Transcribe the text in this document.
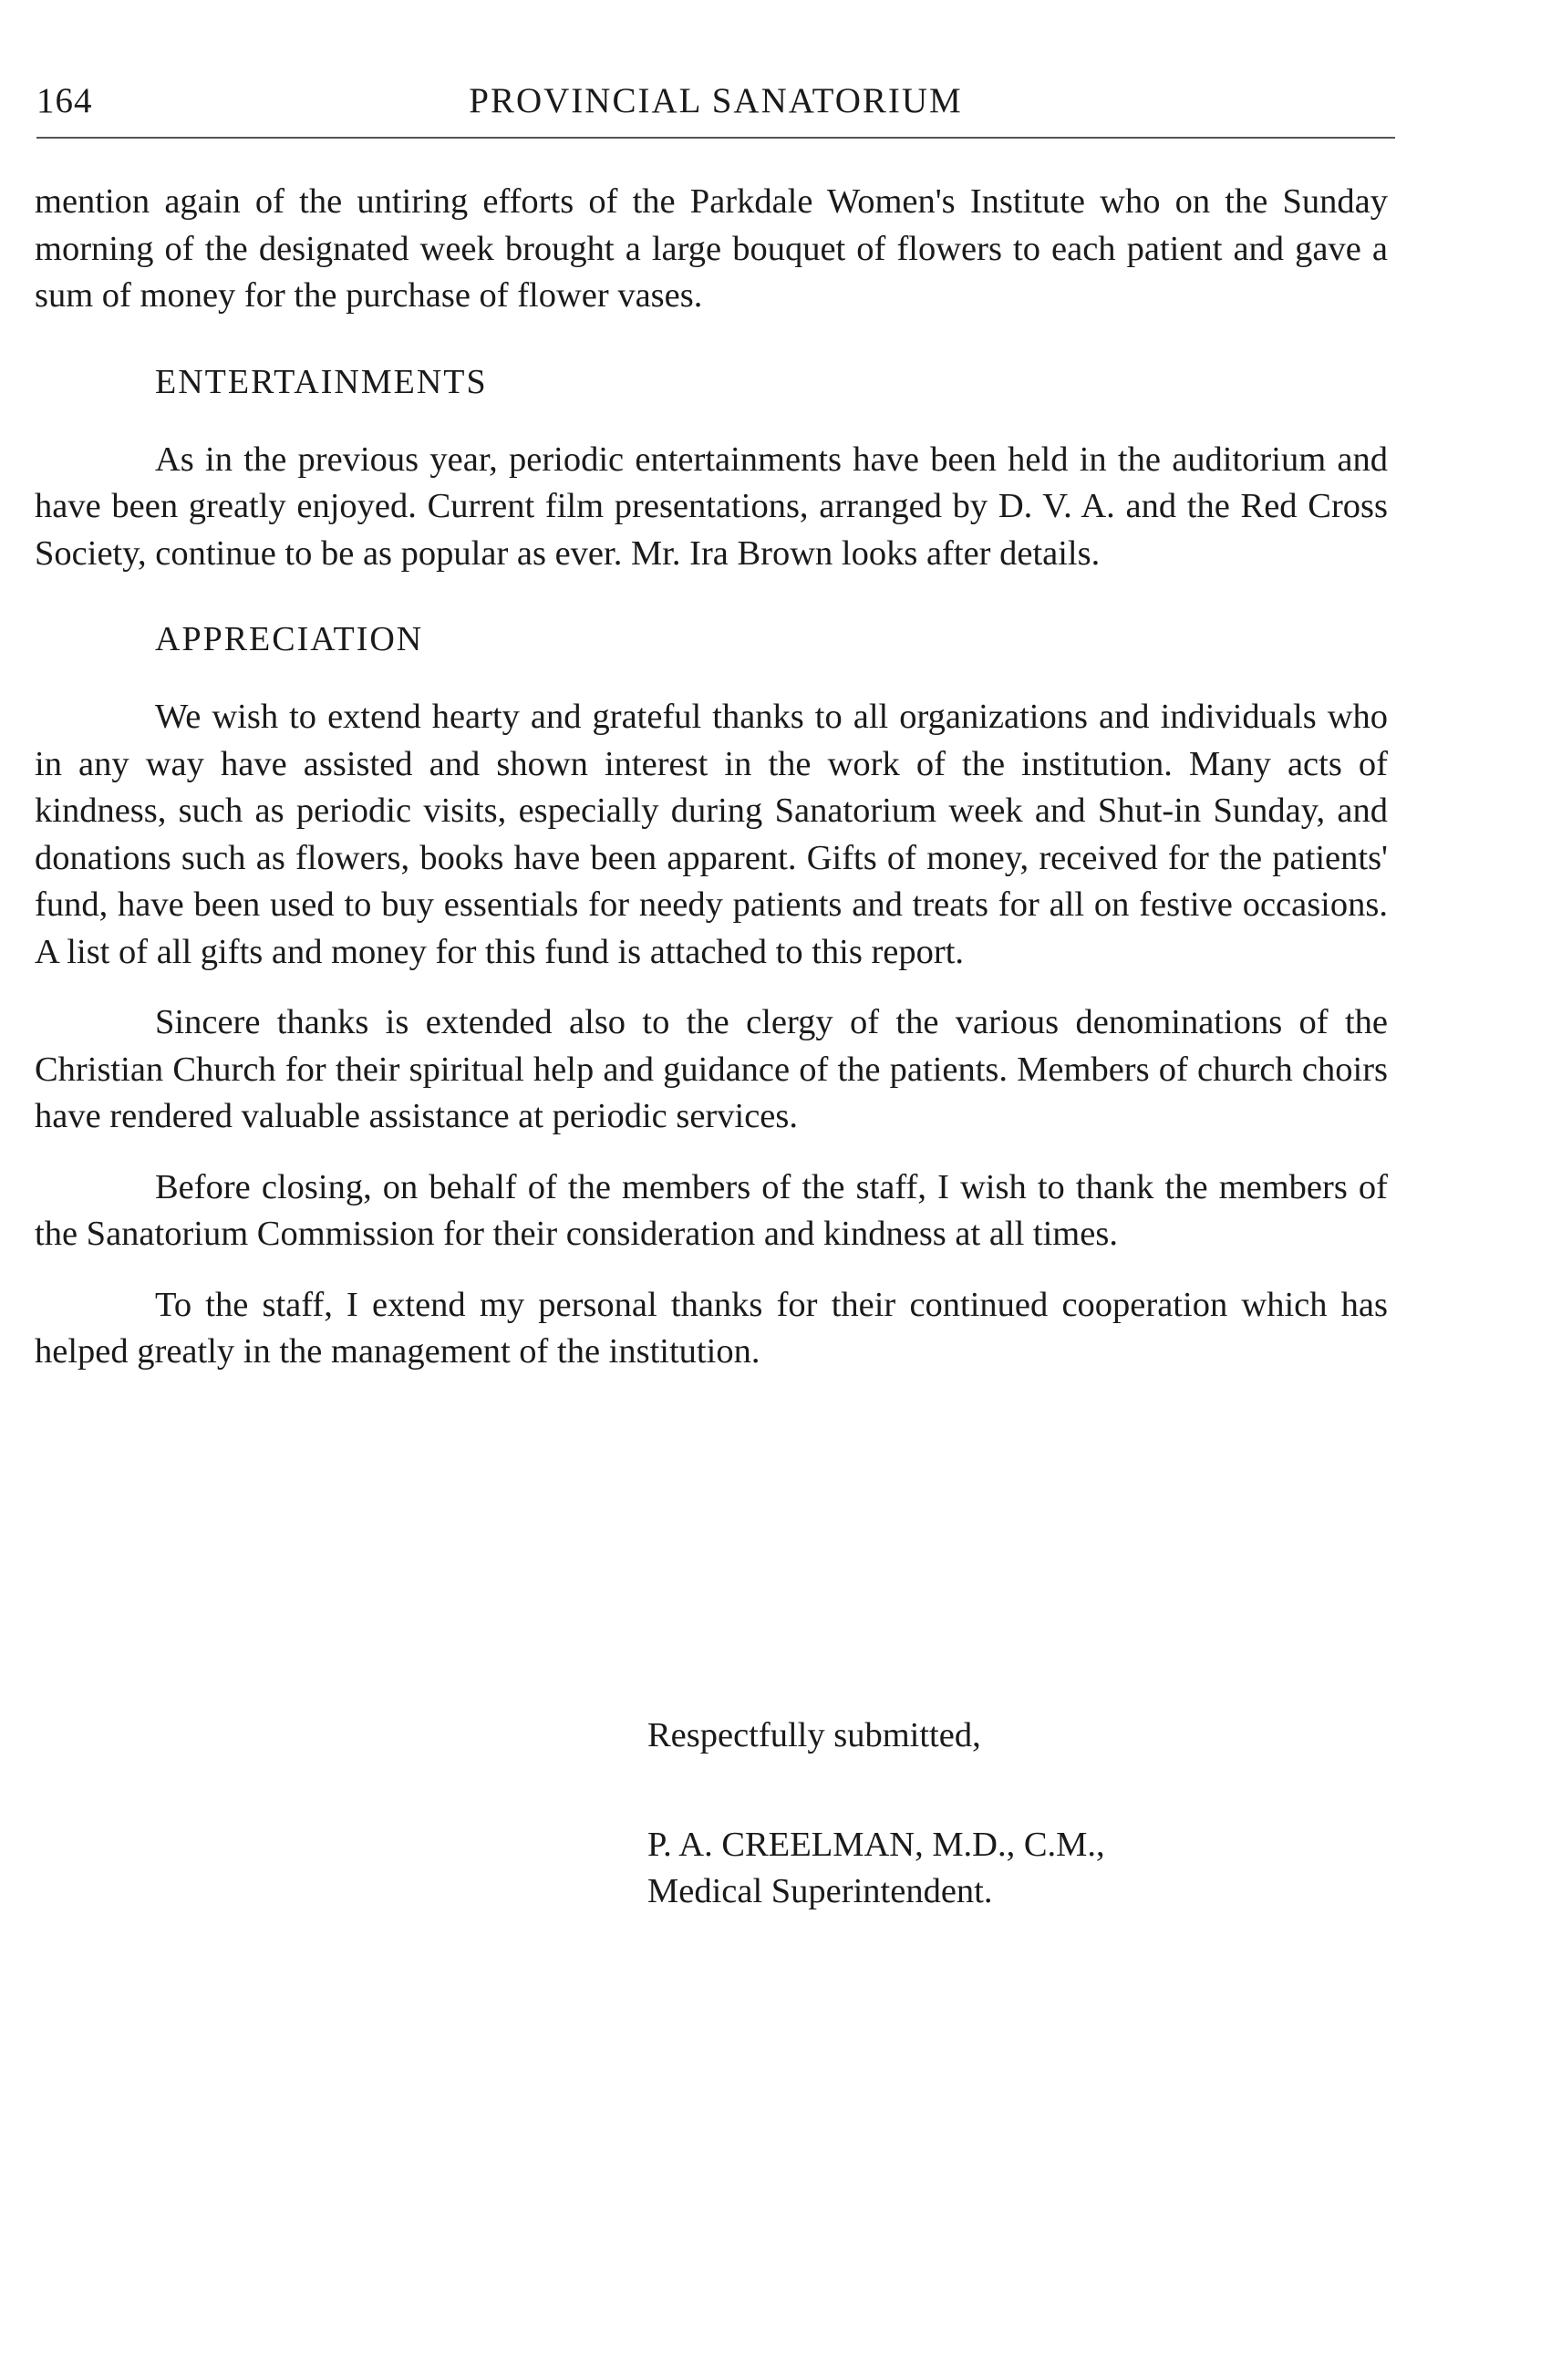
164	PROVINCIAL SANATORIUM

mention again of the untiring efforts of the Parkdale Women's Institute who on the Sunday morning of the designated week brought a large bouquet of flowers to each patient and gave a sum of money for the purchase of flower vases.

ENTERTAINMENTS

As in the previous year, periodic entertainments have been held in the auditorium and have been greatly enjoyed. Current film presentations, arranged by D. V. A. and the Red Cross Society, continue to be as popular as ever. Mr. Ira Brown looks after details.

APPRECIATION

We wish to extend hearty and grateful thanks to all organizations and individuals who in any way have assisted and shown interest in the work of the institution. Many acts of kindness, such as periodic visits, especially during Sanatorium week and Shut-in Sunday, and donations such as flowers, books have been apparent. Gifts of money, received for the patients' fund, have been used to buy essentials for needy patients and treats for all on festive occasions. A list of all gifts and money for this fund is attached to this report.

Sincere thanks is extended also to the clergy of the various denominations of the Christian Church for their spiritual help and guidance of the patients. Members of church choirs have rendered valuable assistance at periodic services.

Before closing, on behalf of the members of the staff, I wish to thank the members of the Sanatorium Commission for their consideration and kindness at all times.

To the staff, I extend my personal thanks for their continued cooperation which has helped greatly in the management of the institution.

Respectfully submitted,
P. A. CREELMAN, M.D., C.M.,
Medical Superintendent.
